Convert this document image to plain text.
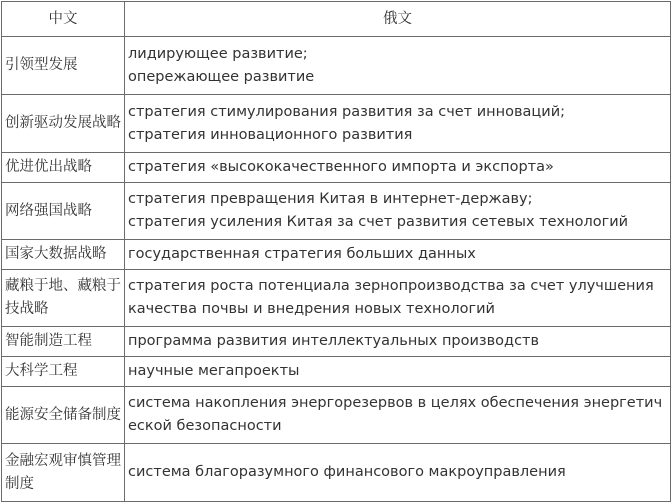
中文	俄文
引领型发展	лидирующее развитие;
опережающее развитие

创新驱动发展战略	стратегия стимулирования развития за счет инноваций;
стратегия инновационного развития

优进优出战略	стратегия «высококачественного импорта и экспорта»

网络强国战略	стратегия превращения Китая в интернет-державу;
стратегия усиления Китая за счет развития сетевых технологий

国家大数据战略	государственная стратегия больших данных

藏粮于地、藏粮于技战略	стратегия роста потенциала зернопроизводства за счет улучшения качества почвы и внедрения новых технологий

智能制造工程	программа развития интеллектуальных производств

大科学工程	научные мегапроекты

能源安全储备制度	система накопления энергорезервов в целях обеспечения энергетической безопасности

金融宏观审慎管理制度	система благоразумного финансового макроуправления
